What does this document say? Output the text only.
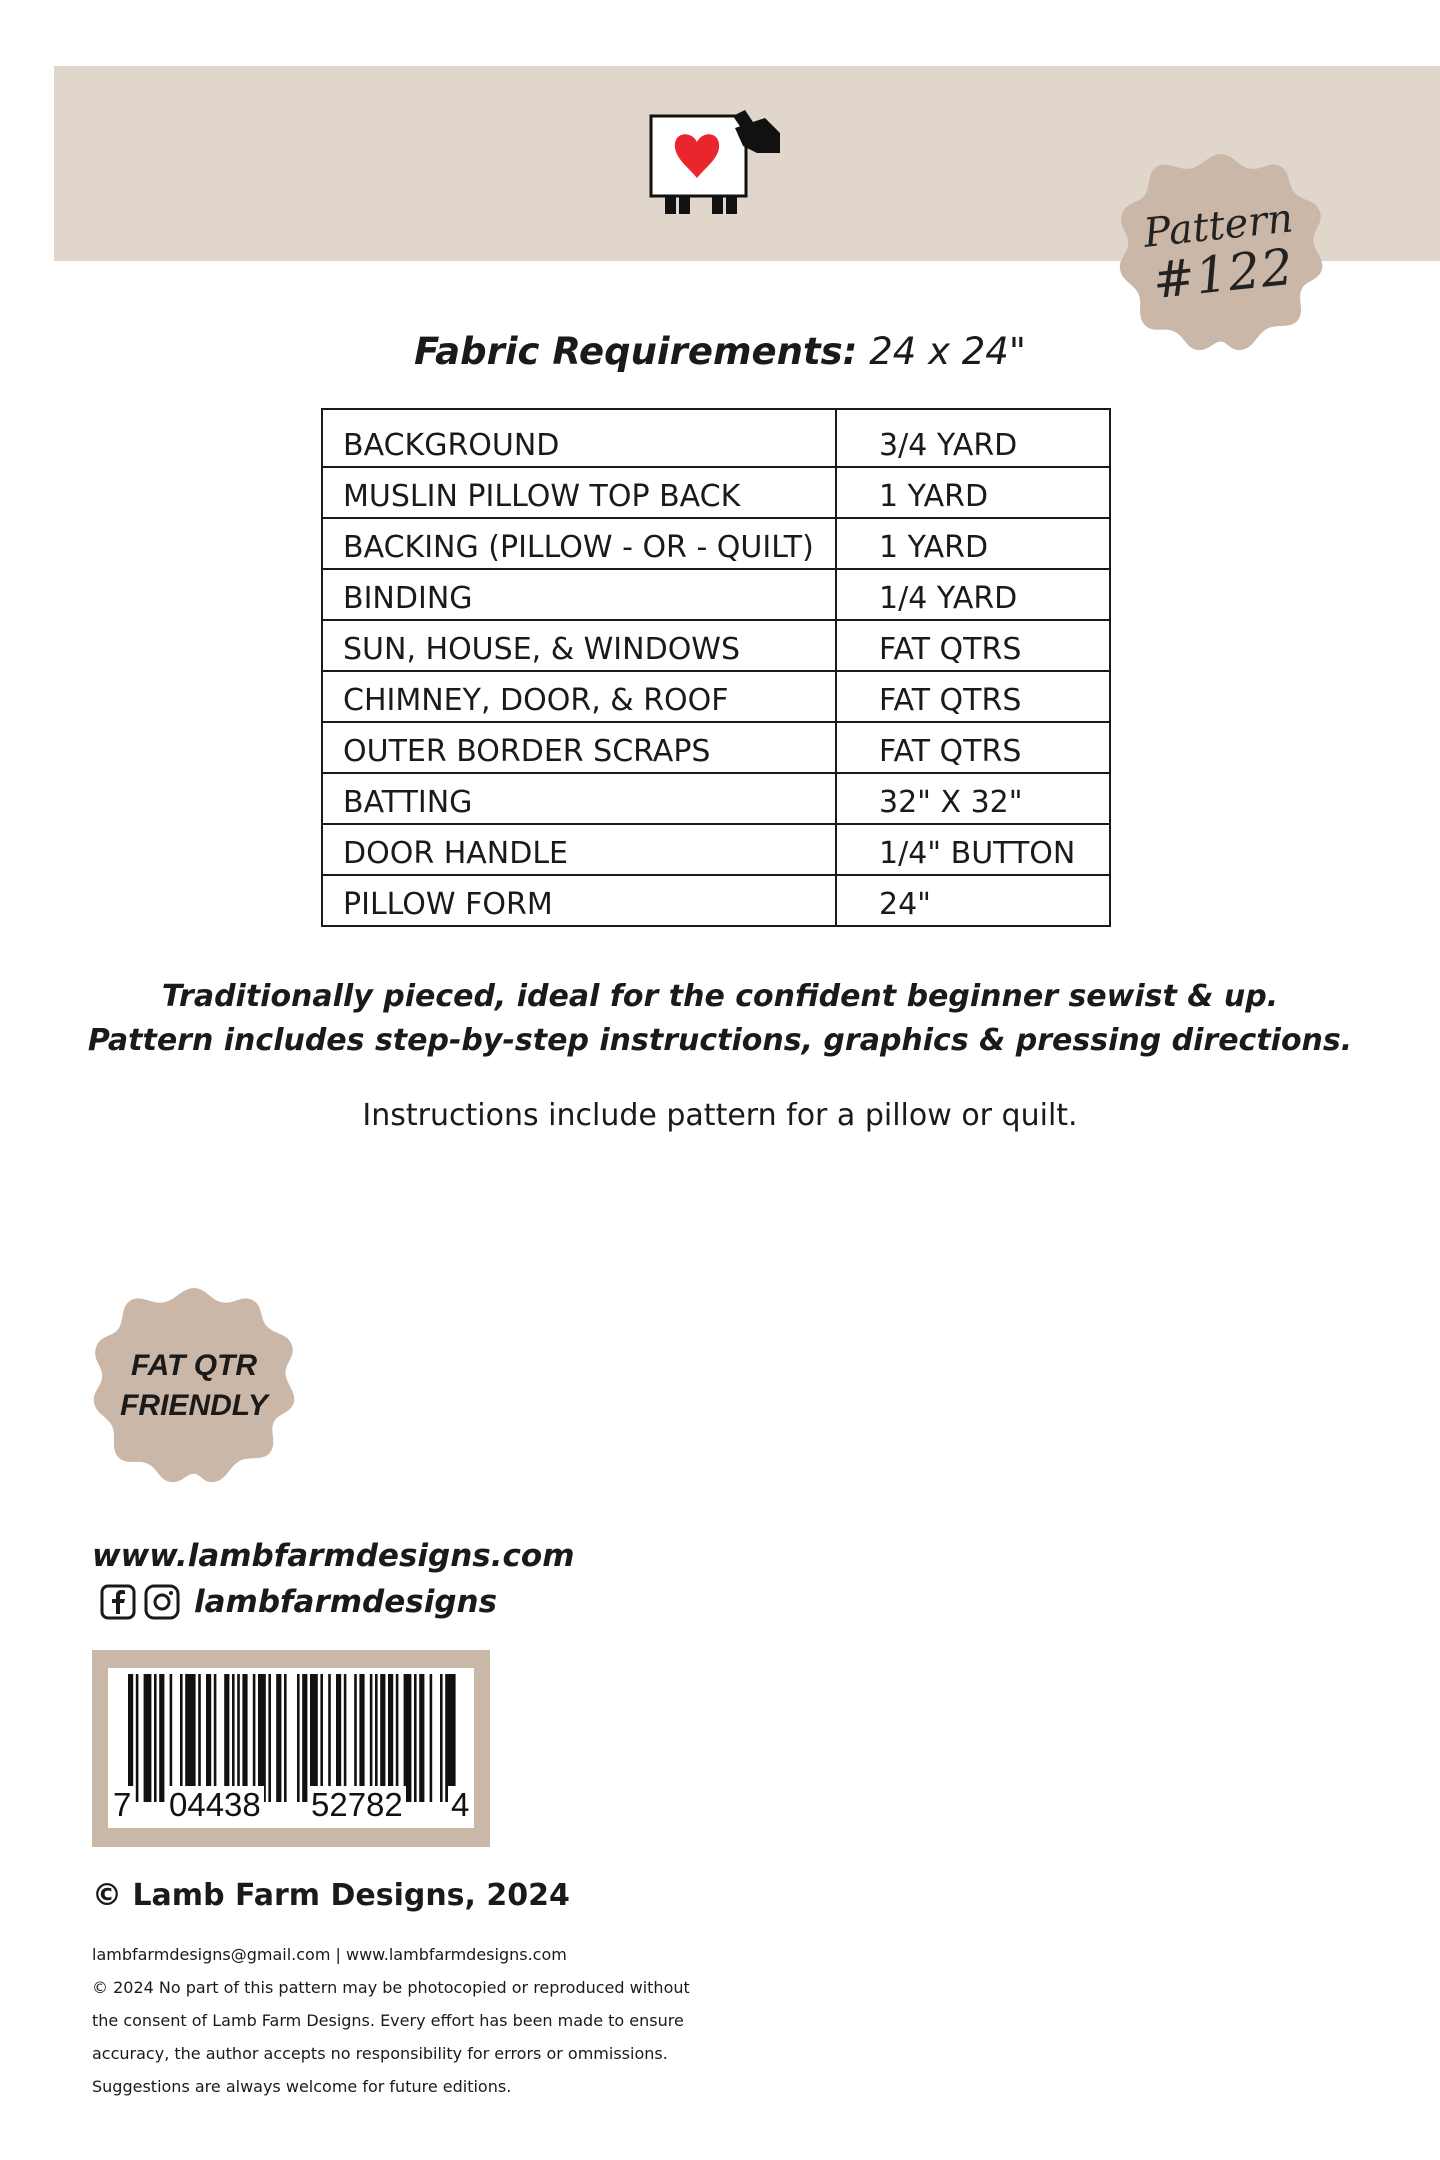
Pattern
#122
Fabric Requirements: 24 x 24"
BACKGROUND	3/4 YARD
MUSLIN PILLOW TOP BACK	1 YARD
BACKING (PILLOW - OR - QUILT)	1 YARD
BINDING	1/4 YARD
SUN, HOUSE, & WINDOWS	FAT QTRS
CHIMNEY, DOOR, & ROOF	FAT QTRS
OUTER BORDER SCRAPS	FAT QTRS
BATTING	32" X 32"
DOOR HANDLE	1/4" BUTTON
PILLOW FORM	24"
Traditionally pieced, ideal for the confident beginner sewist & up.
Pattern includes step-by-step instructions, graphics & pressing directions.
Instructions include pattern for a pillow or quilt.
FAT QTR
FRIENDLY
www.lambfarmdesigns.com
lambfarmdesigns
7 04438 52782 4
© Lamb Farm Designs, 2024
lambfarmdesigns@gmail.com | www.lambfarmdesigns.com
© 2024 No part of this pattern may be photocopied or reproduced without
the consent of Lamb Farm Designs. Every effort has been made to ensure
accuracy, the author accepts no responsibility for errors or ommissions.
Suggestions are always welcome for future editions.
